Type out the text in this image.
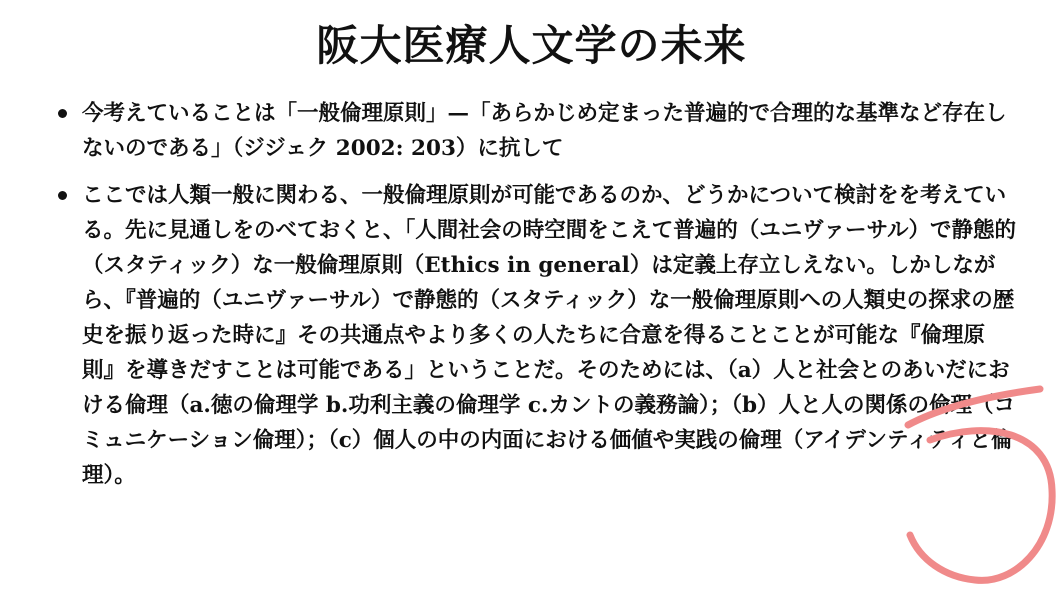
阪大医療人文学の未来
今考えていることは「一般倫理原則」—「あらかじめ定まった普遍的で合理的な基準など存在しないのである」（ジジェク 2002: 203）に抗して
ここでは人類一般に関わる、一般倫理原則が可能であるのか、どうかについて検討をを考えている。先に見通しをのべておくと、「人間社会の時空間をこえて普遍的（ユニヴァーサル）で静態的（スタティック）な一般倫理原則（Ethics in general）は定義上存立しえない。しかしながら、『普遍的（ユニヴァーサル）で静態的（スタティック）な一般倫理原則への人類史の探求の歴史を振り返った時に』その共通点やより多くの人たちに合意を得ることことが可能な『倫理原則』を導きだすことは可能である」ということだ。そのためには、（a）人と社会とのあいだにおける倫理（a.徳の倫理学 b.功利主義の倫理学 c.カントの義務論）；（b）人と人の関係の倫理（コミュニケーション倫理）；（c）個人の中の内面における価値や実践の倫理（アイデンティティと倫理）。
